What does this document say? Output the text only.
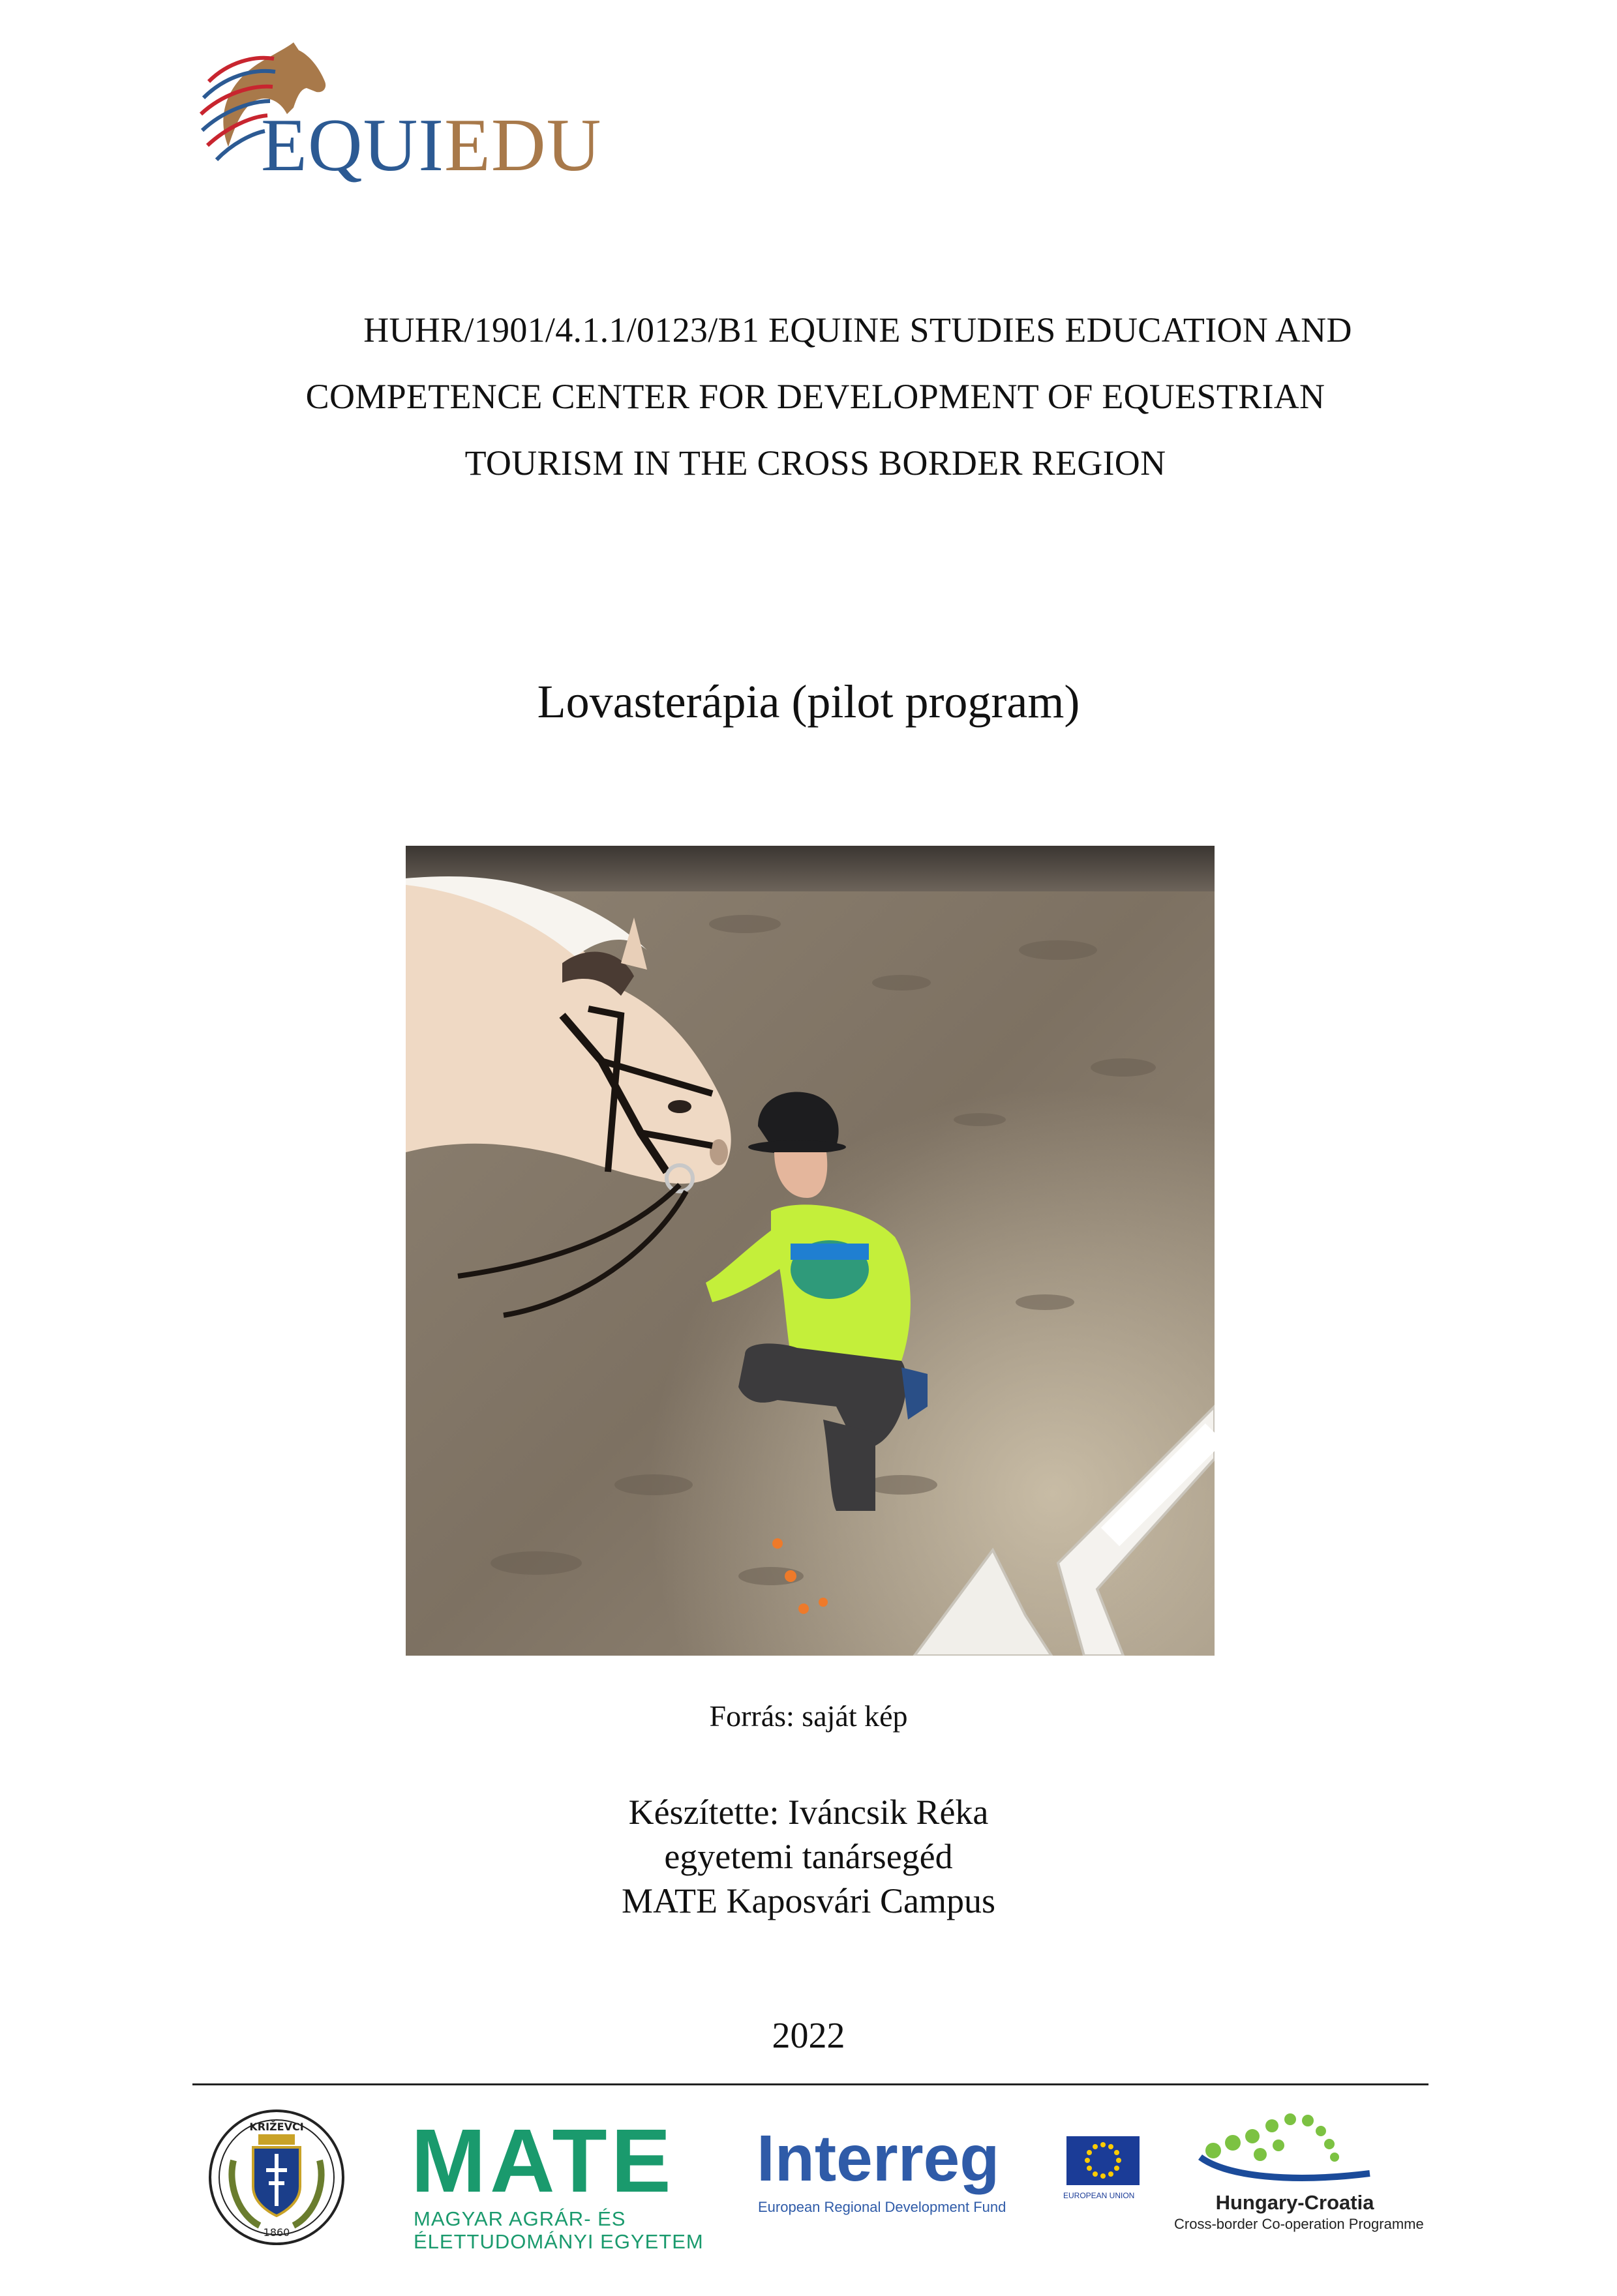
EQUIEDU
HUHR/1901/4.1.1/0123/B1 EQUINE STUDIES EDUCATION AND
COMPETENCE CENTER FOR DEVELOPMENT OF EQUESTRIAN
TOURISM IN THE CROSS BORDER REGION
Lovasterápia (pilot program)
Forrás: saját kép
Készítette: Iváncsik Réka
egyetemi tanársegéd
MATE Kaposvári Campus
2022
KRIŽEVCI
1860
MATE
MAGYAR AGRÁR- ÉS
ÉLETTUDOMÁNYI EGYETEM
Interreg
European Regional Development Fund
EUROPEAN UNION	Hungary-Croatia
Cross-border Co-operation Programme
